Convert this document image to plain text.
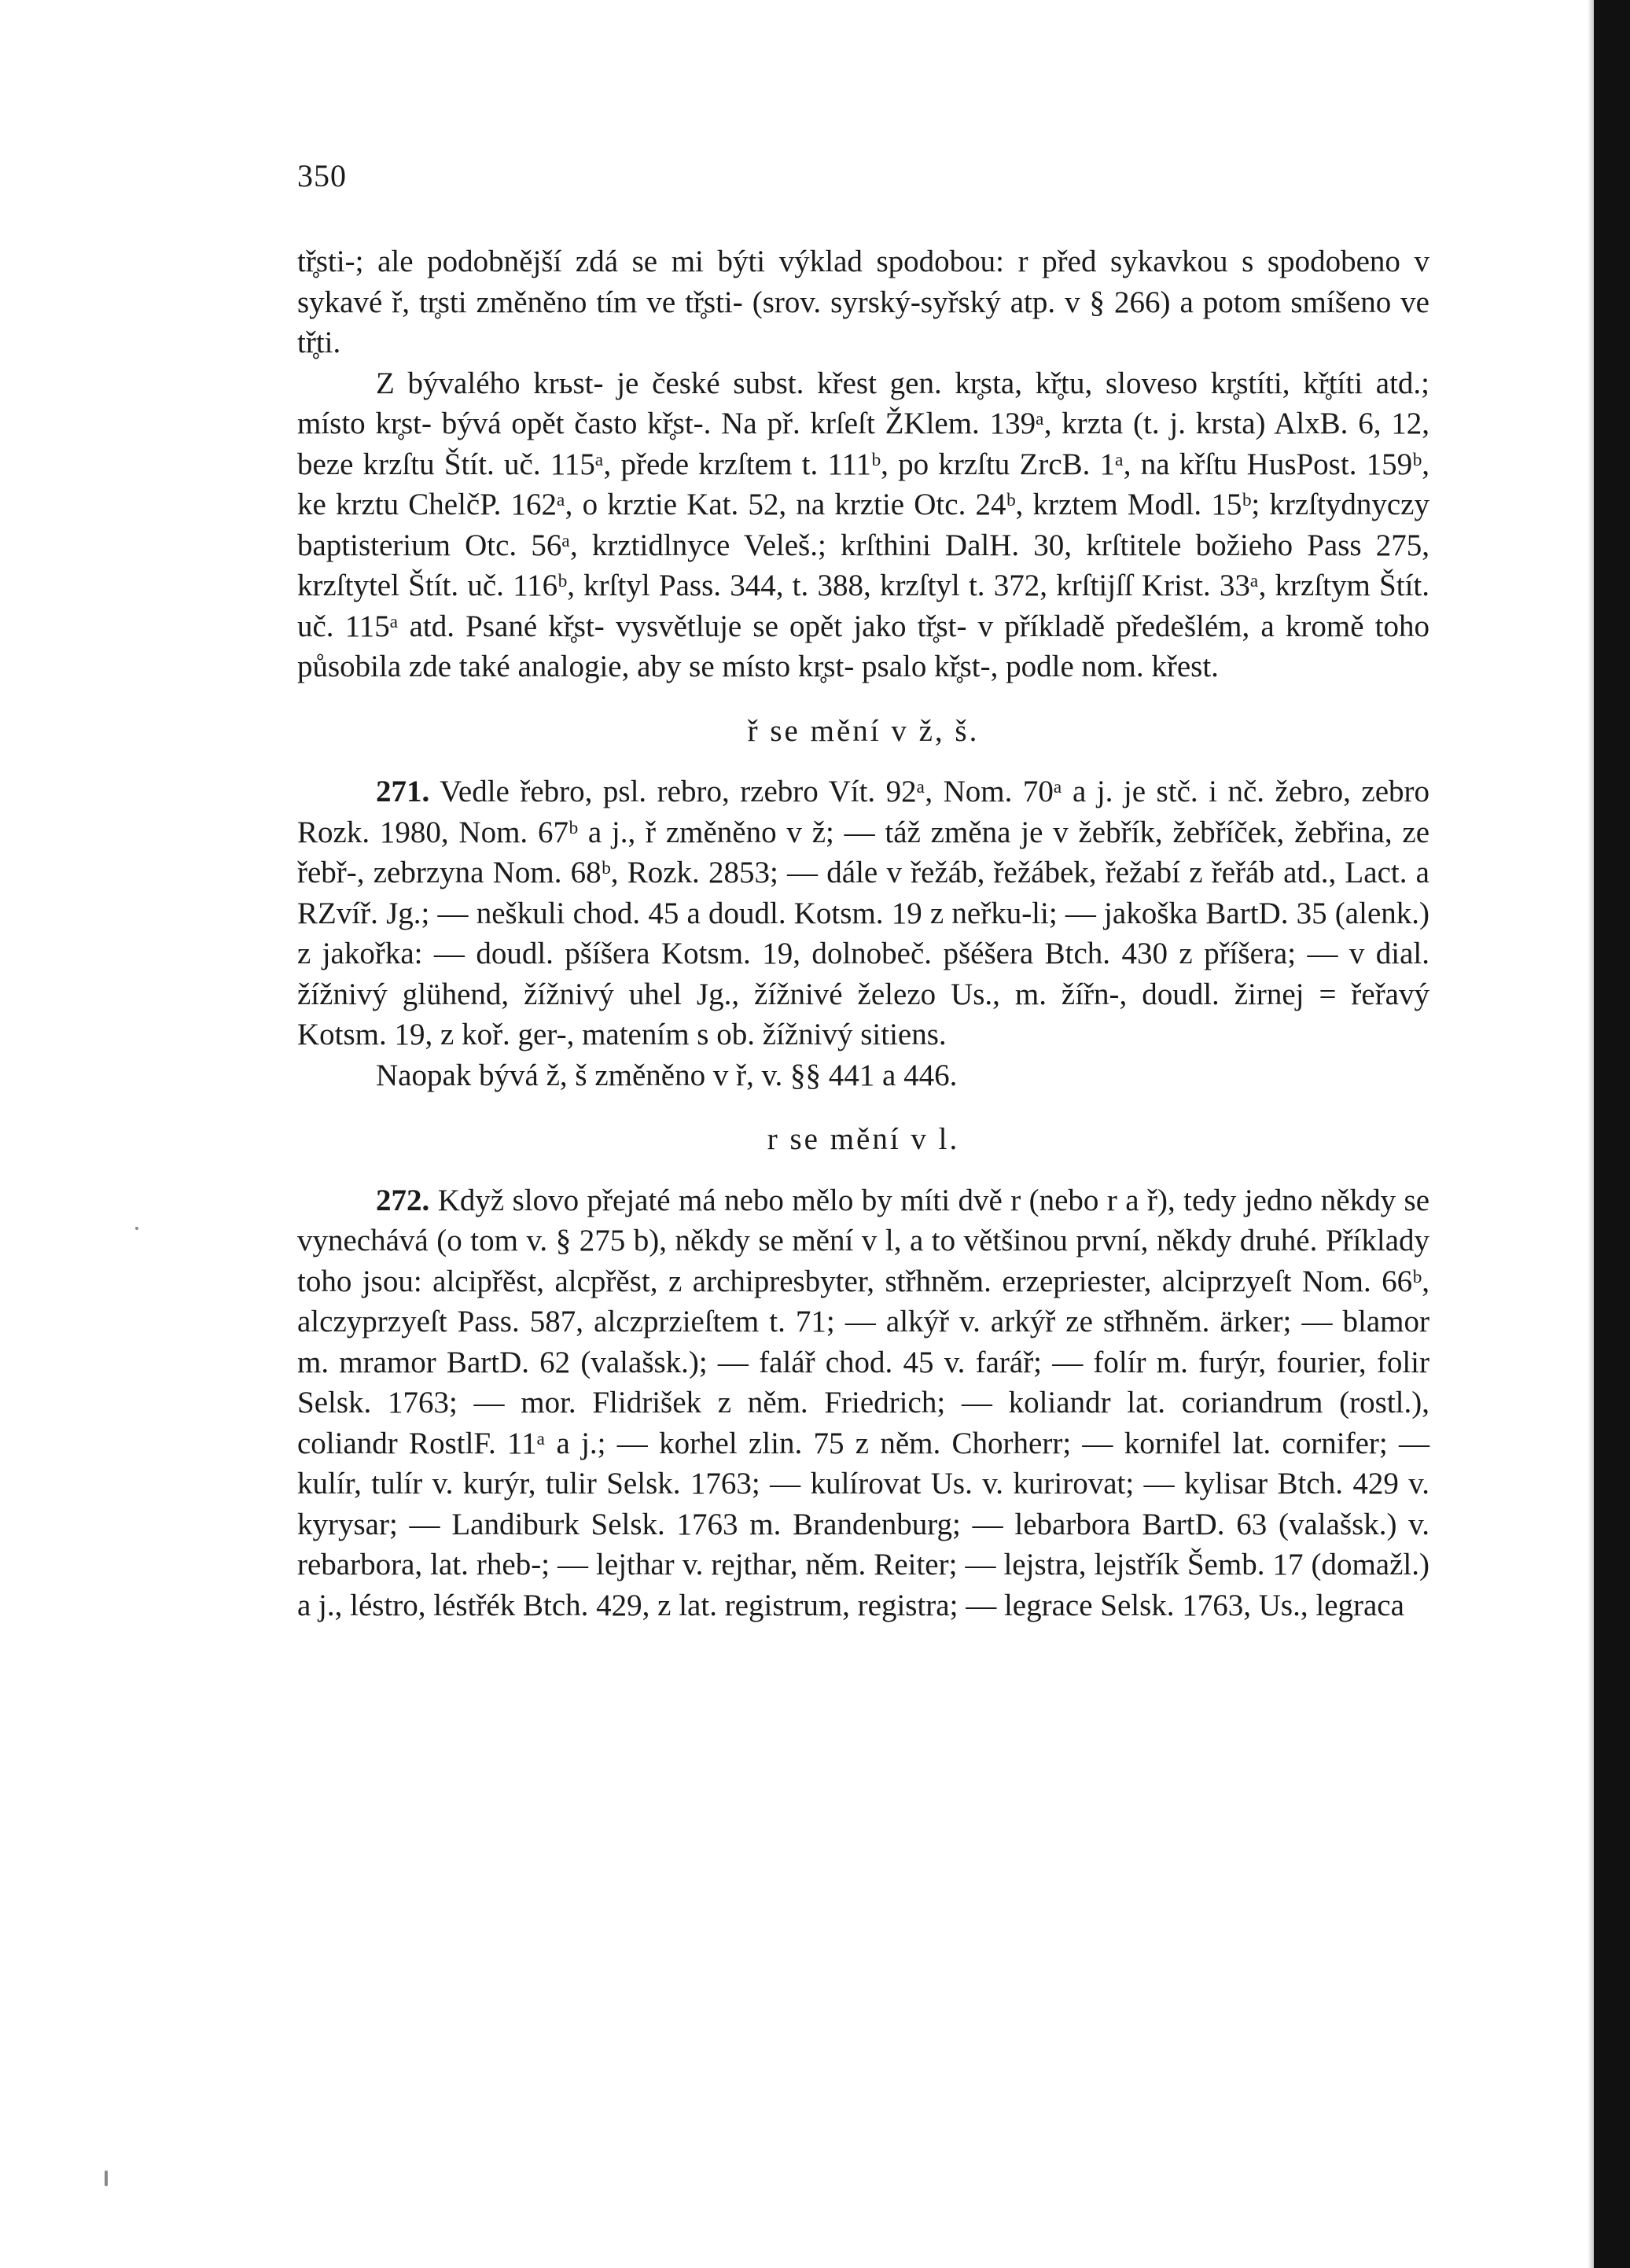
350

tř̥sti-; ale podobnější zdá se mi býti výklad spodobou: r před sykavkou s spodobeno v sykavé ř, tr̥sti změněno tím ve tř̥sti- (srov. syrský-syřský atp. v § 266) a potom smíšeno ve tř̥ti.

Z bývalého krьst- je české subst. křest gen. kr̥sta, kř̥tu, sloveso kr̥stíti, kř̥títi atd.; místo kr̥st- bývá opět často kř̥st-. Na př. krſeſt ŽKlem. 139ᵃ, krzta (t. j. krsta) AlxB. 6, 12, beze krzſtu Štít. uč. 115ᵃ, přede krzſtem t. 111ᵇ, po krzſtu ZrcB. 1ᵃ, na křſtu HusPost. 159ᵇ, ke krztu ChelčP. 162ᵃ, o krztie Kat. 52, na krztie Otc. 24ᵇ, krztem Modl. 15ᵇ; krzſtydnyczy baptisterium Otc. 56ᵃ, krztidlnyce Veleš.; krſthini DalH. 30, krſtitele božieho Pass 275, krzſtytel Štít. uč. 116ᵇ, krſtyl Pass. 344, t. 388, krzſtyl t. 372, krſtijſſ Krist. 33ᵃ, krzſtym Štít. uč. 115ᵃ atd. Psané kř̥st- vysvětluje se opět jako tř̥st- v příkladě předešlém, a kromě toho působila zde také analogie, aby se místo kr̥st- psalo kř̥st-, podle nom. křest.

ř se mění v ž, š.

271. Vedle řebro, psl. rebro, rzebro Vít. 92ᵃ, Nom. 70ᵃ a j. je stč. i nč. žebro, zebro Rozk. 1980, Nom. 67ᵇ a j., ř změněno v ž; — táž změna je v žebřík, žebříček, žebřina, ze řebř-, zebrzyna Nom. 68ᵇ, Rozk. 2853; — dále v řežáb, řežábek, řežabí z řeřáb atd., Lact. a RZvíř. Jg.; — neškuli chod. 45 a doudl. Kotsm. 19 z neřku-li; — jakoška BartD. 35 (alenk.) z jakořka: — doudl. pšíšera Kotsm. 19, dolnobeč. pšéšera Btch. 430 z příšera; — v dial. žížnivý glühend, žížnivý uhel Jg., žížnivé železo Us., m. žířn-, doudl. žirnej = řeřavý Kotsm. 19, z koř. ger-, matením s ob. žížnivý sitiens.

Naopak bývá ž, š změněno v ř, v. §§ 441 a 446.

r se mění v l.

272. Když slovo přejaté má nebo mělo by míti dvě r (nebo r a ř), tedy jedno někdy se vynechává (o tom v. § 275 b), někdy se mění v l, a to většinou první, někdy druhé. Příklady toho jsou: alcipřěst, alcpřěst, z archipresbyter, střhněm. erzepriester, alciprzyeſt Nom. 66ᵇ, alczyprzyeſt Pass. 587, alczprzieſtem t. 71; — alkýř v. arkýř ze střhněm. ärker; — blamor m. mramor BartD. 62 (valašsk.); — falář chod. 45 v. farář; — folír m. furýr, fourier, folir Selsk. 1763; — mor. Flidrišek z něm. Friedrich; — koliandr lat. coriandrum (rostl.), coliandr RostlF. 11ᵃ a j.; — korhel zlin. 75 z něm. Chorherr; — kornifel lat. cornifer; — kulír, tulír v. kurýr, tulir Selsk. 1763; — kulírovat Us. v. kurirovat; — kylisar Btch. 429 v. kyrysar; — Landiburk Selsk. 1763 m. Brandenburg; — lebarbora BartD. 63 (valašsk.) v. rebarbora, lat. rheb-; — lejthar v. rejthar, něm. Reiter; — lejstra, lejstřík Šemb. 17 (domažl.) a j., léstro, léstřék Btch. 429, z lat. registrum, registra; — legrace Selsk. 1763, Us., legraca
